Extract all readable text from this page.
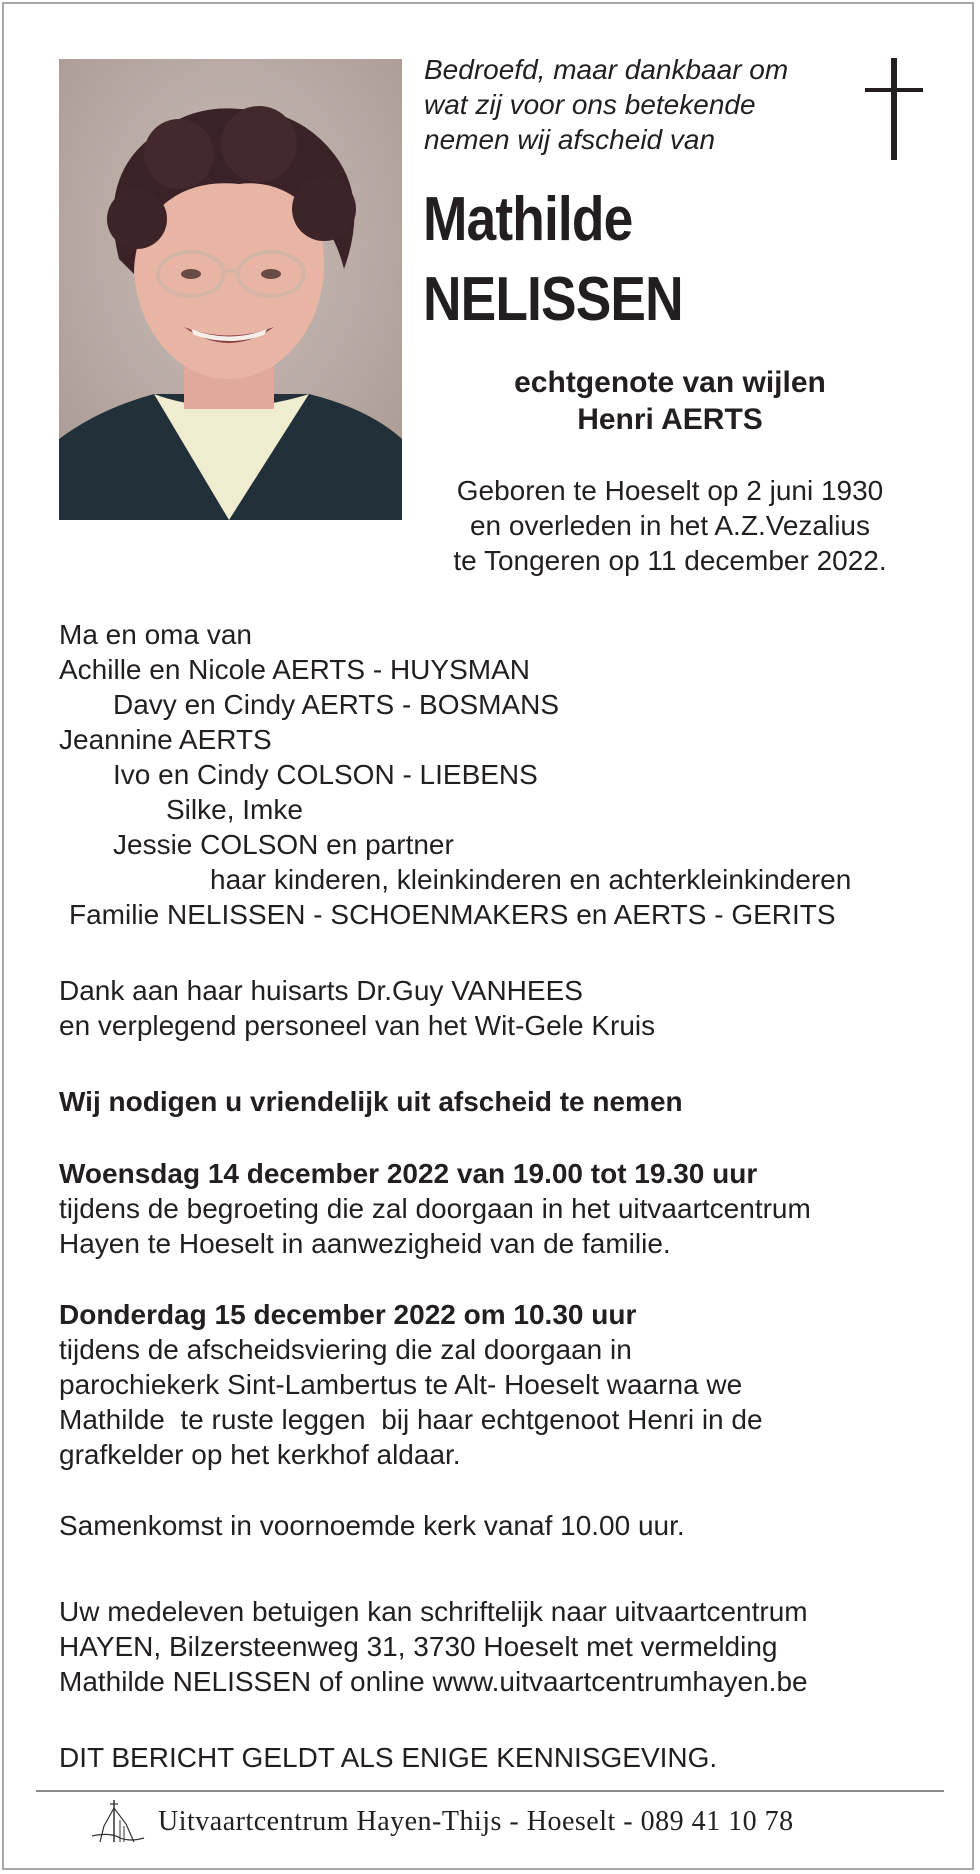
Bedroefd, maar dankbaar om
wat zij voor ons betekende
nemen wij afscheid van

Mathilde
NELISSEN

echtgenote van wijlen
Henri AERTS

Geboren te Hoeselt op 2 juni 1930
en overleden in het A.Z.Vezalius
te Tongeren op 11 december 2022.

Ma en oma van
Achille en Nicole AERTS - HUYSMAN
Davy en Cindy AERTS - BOSMANS
Jeannine AERTS
Ivo en Cindy COLSON - LIEBENS
Silke, Imke
Jessie COLSON en partner
haar kinderen, kleinkinderen en achterkleinkinderen
Familie NELISSEN - SCHOENMAKERS en AERTS - GERITS

Dank aan haar huisarts Dr.Guy VANHEES
en verplegend personeel van het Wit-Gele Kruis

Wij nodigen u vriendelijk uit afscheid te nemen

Woensdag 14 december 2022 van 19.00 tot 19.30 uur
tijdens de begroeting die zal doorgaan in het uitvaartcentrum
Hayen te Hoeselt in aanwezigheid van de familie.

Donderdag 15 december 2022 om 10.30 uur
tijdens de afscheidsviering die zal doorgaan in
parochiekerk Sint-Lambertus te Alt- Hoeselt waarna we
Mathilde  te ruste leggen  bij haar echtgenoot Henri in de
grafkelder op het kerkhof aldaar.

Samenkomst in voornoemde kerk vanaf 10.00 uur.

Uw medeleven betuigen kan schriftelijk naar uitvaartcentrum
HAYEN, Bilzersteenweg 31, 3730 Hoeselt met vermelding
Mathilde NELISSEN of online www.uitvaartcentrumhayen.be

DIT BERICHT GELDT ALS ENIGE KENNISGEVING.

Uitvaartcentrum Hayen-Thijs - Hoeselt - 089 41 10 78
